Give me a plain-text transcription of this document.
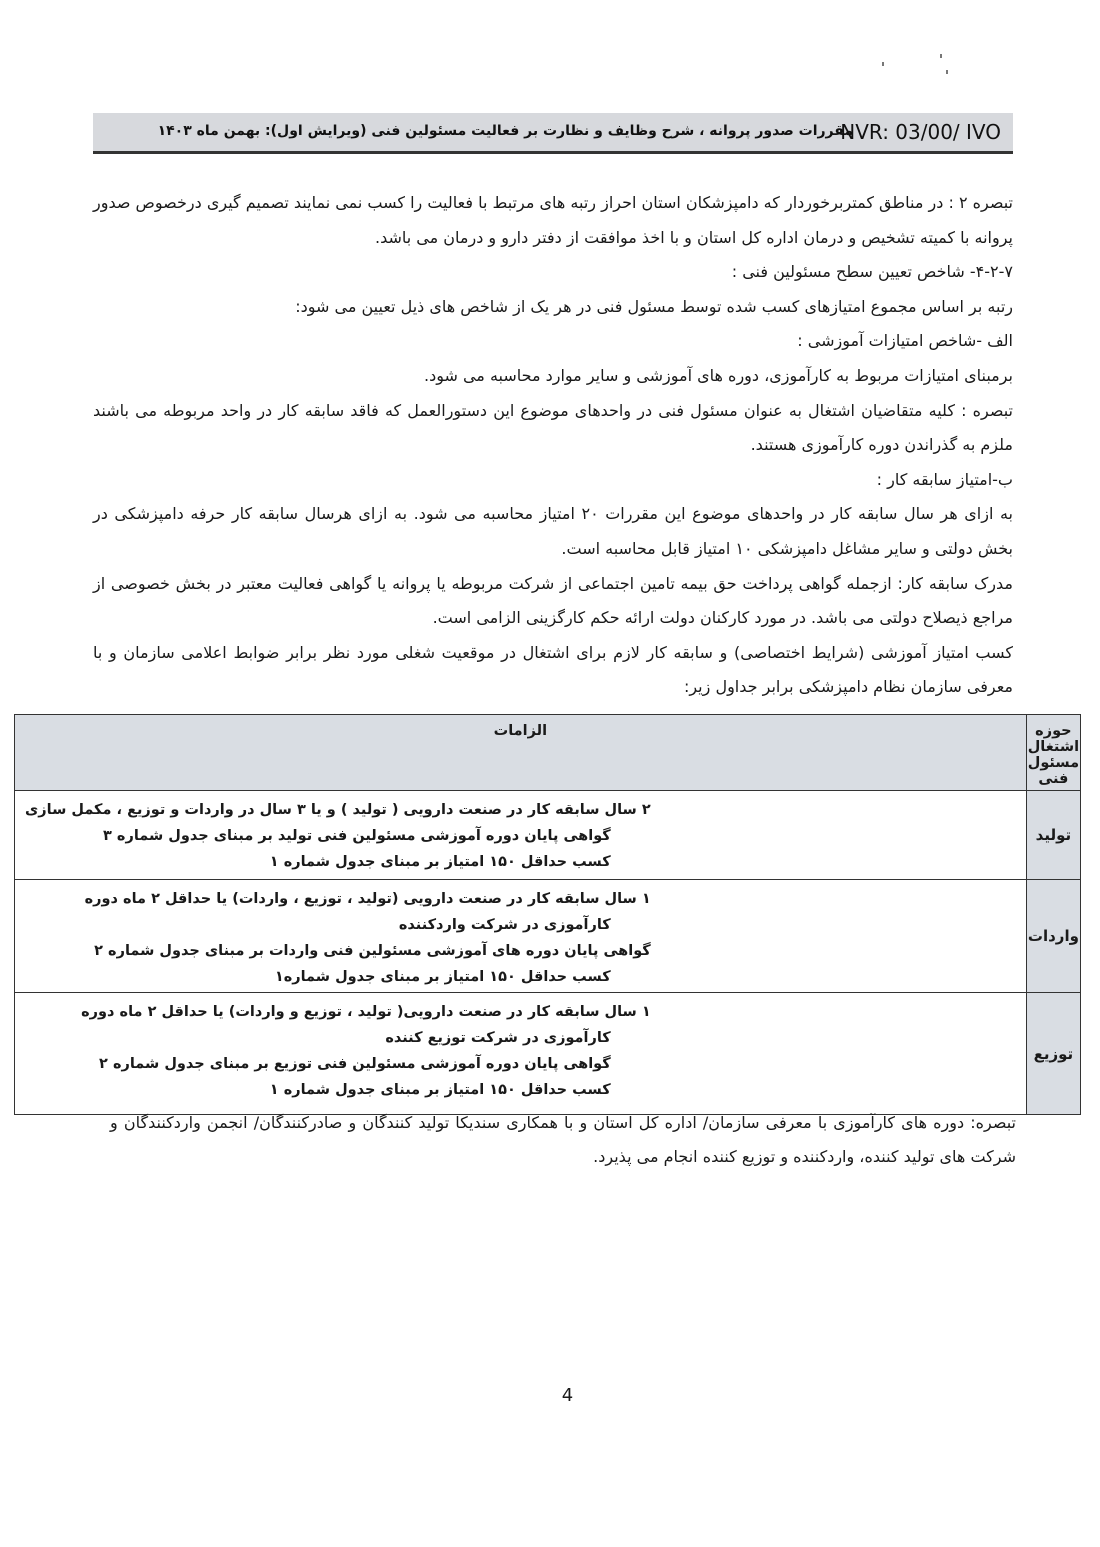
NVR: 03/00/ IVO
مقررات صدور پروانه ، شرح وظایف و نظارت بر فعالیت مسئولین فنی (ویرایش اول): بهمن ماه ۱۴۰۳

تبصره ۲ : در مناطق کمتربرخوردار که دامپزشکان استان احراز رتبه های مرتبط با فعالیت را کسب نمی نمایند تصمیم گیری درخصوص صدور پروانه با کمیته تشخیص و درمان اداره کل استان و با اخذ موافقت از دفتر دارو و درمان می باشد.

۴-۲-۷- شاخص تعیین سطح مسئولین فنی :

رتبه بر اساس مجموع امتیازهای کسب شده توسط مسئول فنی در هر یک از شاخص های ذیل تعیین می شود:

الف -شاخص امتیازات آموزشی :

برمبنای امتیازات مربوط به کارآموزی، دوره های آموزشی و سایر موارد محاسبه می شود.

تبصره : کلیه متقاضیان اشتغال به عنوان مسئول فنی در واحدهای موضوع این دستورالعمل که فاقد سابقه کار در واحد مربوطه می باشند ملزم به گذراندن دوره کارآموزی هستند.

ب-امتیاز سابقه کار :

به ازای هر سال سابقه کار در واحدهای موضوع این مقررات ۲۰ امتیاز محاسبه می شود. به ازای هرسال سابقه کار حرفه دامپزشکی در بخش دولتی و سایر مشاغل دامپزشکی ۱۰ امتیاز قابل محاسبه است.

مدرک سابقه کار: ازجمله گواهی پرداخت حق بیمه تامین اجتماعی از شرکت مربوطه یا پروانه یا گواهی فعالیت معتبر در بخش خصوصی از مراجع ذیصلاح دولتی می باشد. در مورد کارکنان دولت ارائه حکم کارگزینی الزامی است.

کسب امتیاز آموزشی (شرایط اختصاصی) و سابقه کار لازم برای اشتغال در موقعیت شغلی مورد نظر برابر ضوابط اعلامی سازمان و با معرفی سازمان نظام دامپزشکی برابر جداول زیر:

حوزه اشتغال مسئول فنی	الزامات
تولید	۲ سال سابقه کار در صنعت دارویی ( تولید ) و یا ۳ سال در واردات و توزیع ، مکمل سازی
گواهی پایان دوره آموزشی مسئولین فنی تولید بر مبنای جدول شماره ۳
کسب حداقل ۱۵۰ امتیاز بر مبنای جدول شماره ۱

واردات	۱ سال سابقه کار در صنعت دارویی (تولید ، توزیع ، واردات) یا حداقل ۲ ماه دوره
کارآموزی در شرکت واردکننده
گواهی پایان دوره های آموزشی مسئولین فنی واردات بر مبنای جدول شماره ۲
کسب حداقل ۱۵۰ امتیاز بر مبنای جدول شماره۱

توزیع	۱ سال سابقه کار در صنعت دارویی( تولید ، توزیع و واردات) یا حداقل ۲ ماه دوره
کارآموزی در شرکت توزیع کننده
گواهی پایان دوره آموزشی مسئولین فنی توزیع بر مبنای جدول شماره ۲
کسب حداقل ۱۵۰ امتیاز بر مبنای جدول شماره ۱

تبصره: دوره های کارآموزی با معرفی سازمان/ اداره کل استان و با همکاری سندیکا تولید کنندگان و صادرکنندگان/ انجمن واردکنندگان و شرکت های تولید کننده، واردکننده و توزیع کننده انجام می پذیرد.

4
